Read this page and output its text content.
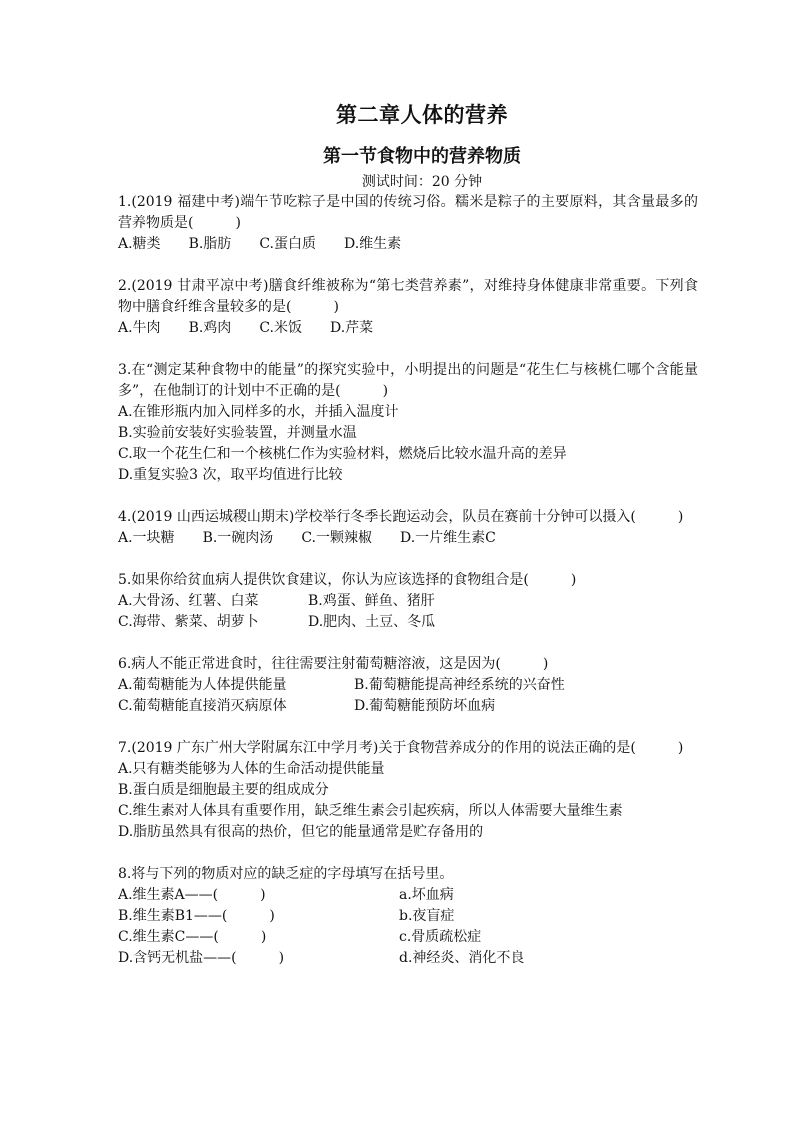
第二章人体的营养
第一节食物中的营养物质

测试时间：20 分钟

1.(2019 福建中考)端午节吃粽子是中国的传统习俗。糯米是粽子的主要原料，其含量最多的营养物质是(　　　)

A.糖类 B.脂肪 C.蛋白质 D.维生素

2.(2019 甘肃平凉中考)膳食纤维被称为“第七类营养素”，对维持身体健康非常重要。下列食物中膳食纤维含量较多的是(　　　)

A.牛肉 B.鸡肉 C.米饭 D.芹菜

3.在“测定某种食物中的能量”的探究实验中，小明提出的问题是“花生仁与核桃仁哪个含能量多”，在他制订的计划中不正确的是(　　　)

A.在锥形瓶内加入同样多的水，并插入温度计
B.实验前安装好实验装置，并测量水温
C.取一个花生仁和一个核桃仁作为实验材料，燃烧后比较水温升高的差异
D.重复实验3 次，取平均值进行比较

4.(2019 山西运城稷山期末)学校举行冬季长跑运动会，队员在赛前十分钟可以摄入(　　　)

A.一块糖 B.一碗肉汤 C.一颗辣椒 D.一片维生素C

5.如果你给贫血病人提供饮食建议，你认为应该选择的食物组合是(　　　)

A.大骨汤、红薯、白菜	B.鸡蛋、鲜鱼、猪肝
C.海带、紫菜、胡萝卜	D.肥肉、土豆、冬瓜

6.病人不能正常进食时，往往需要注射葡萄糖溶液，这是因为(　　　)

A.葡萄糖能为人体提供能量	B.葡萄糖能提高神经系统的兴奋性
C.葡萄糖能直接消灭病原体	D.葡萄糖能预防坏血病

7.(2019 广东广州大学附属东江中学月考)关于食物营养成分的作用的说法正确的是(　　　)

A.只有糖类能够为人体的生命活动提供能量
B.蛋白质是细胞最主要的组成成分
C.维生素对人体具有重要作用，缺乏维生素会引起疾病，所以人体需要大量维生素
D.脂肪虽然具有很高的热价，但它的能量通常是贮存备用的

8.将与下列的物质对应的缺乏症的字母填写在括号里。

A.维生素A——(　　　)	a.坏血病
B.维生素B1——(　　　)	b.夜盲症
C.维生素C——(　　　)	c.骨质疏松症
D.含钙无机盐——(　　　)	d.神经炎、消化不良
